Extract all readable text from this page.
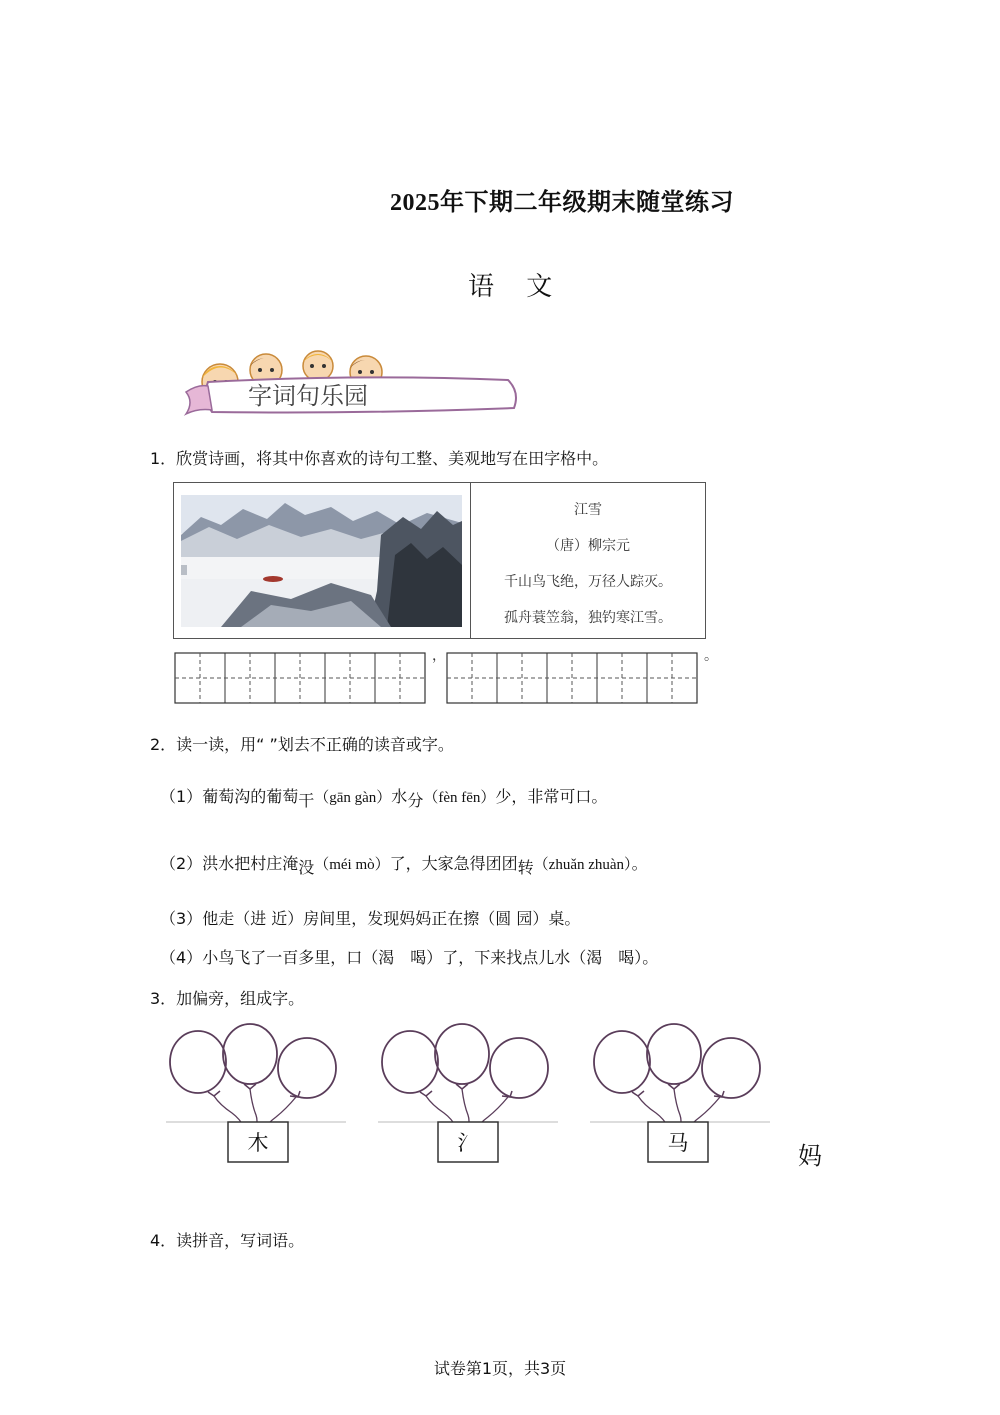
2025年下期二年级期末随堂练习
语 文
字词句乐园
1．欣赏诗画，将其中你喜欢的诗句工整、美观地写在田字格中。
江雪
（唐）柳宗元
千山鸟飞绝，万径人踪灭。
孤舟蓑笠翁，独钓寒江雪。
，	。
2．读一读，用“ ”划去不正确的读音或字。
（1）葡萄沟的葡萄干（gān gàn）水分（fèn fēn）少，非常可口。
（2）洪水把村庄淹没（méi mò）了，大家急得团团转（zhuǎn zhuàn）。
（3）他走（进 近）房间里，发现妈妈正在擦（圆 园）桌。
（4）小鸟飞了一百多里，口（渴　喝）了，下来找点儿水（渴　喝）。
3．加偏旁，组成字。
木	氵	马	妈
4．读拼音，写词语。
试卷第1页，共3页
